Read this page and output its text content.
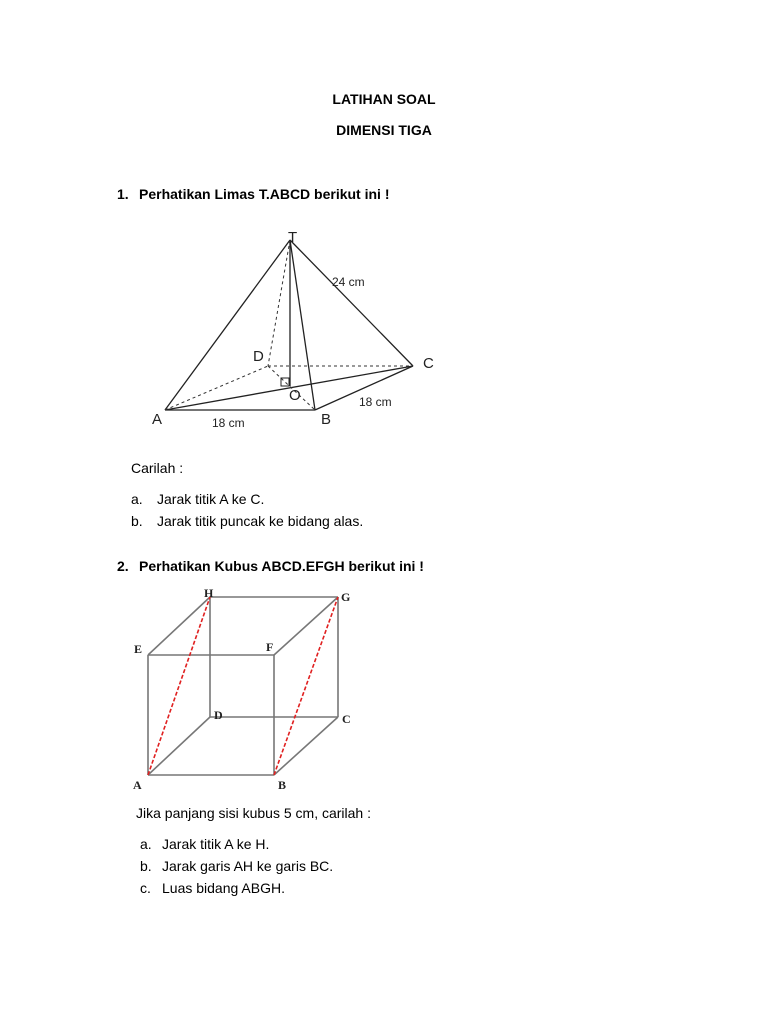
LATIHAN SOAL
DIMENSI TIGA
1. Perhatikan Limas T.ABCD berikut ini !
T
A	B
C
D
O
24 cm
18 cm
18 cm
Carilah :
a. Jarak titik A ke C.
b. Jarak titik puncak ke bidang alas.
2. Perhatikan Kubus ABCD.EFGH berikut ini !
A	B
C
D
E	F
G
H
Jika panjang sisi kubus 5 cm, carilah :
a. Jarak titik A ke H.
b. Jarak garis AH ke garis BC.
c. Luas bidang ABGH.
